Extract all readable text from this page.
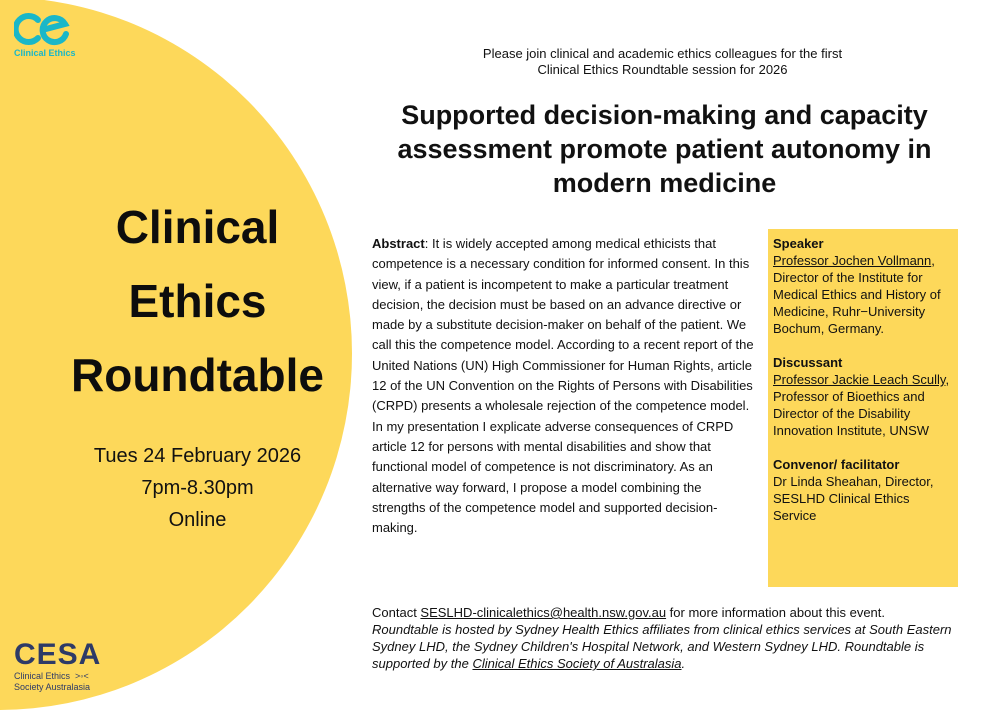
Clinical Ethics
Clinical
Ethics
Roundtable
Tues 24 February 2026
7pm-8.30pm
Online
CESA
Clinical Ethics  >◦<
Society Australasia
Please join clinical and academic ethics colleagues for the first
Clinical Ethics Roundtable session for 2026
Supported decision-making and capacity assessment promote patient autonomy in modern medicine

Abstract: It is widely accepted among medical ethicists that competence is a necessary condition for informed consent. In this view, if a patient is incompetent to make a particular treatment decision, the decision must be based on an advance directive or made by a substitute decision-maker on behalf of the patient. We call this the competence model. According to a recent report of the United Nations (UN) High Commissioner for Human Rights, article 12 of the UN Convention on the Rights of Persons with Disabilities (CRPD) presents a wholesale rejection of the competence model.

In my presentation I explicate adverse consequences of CRPD article 12 for persons with mental disabilities and show that functional model of competence is not discriminatory. As an alternative way forward, I propose a model combining the strengths of the competence model and supported decision-making.

Speaker
Professor Jochen Vollmann, Director of the Institute for Medical Ethics and History of Medicine, Ruhr−University Bochum, Germany.
Discussant
Professor Jackie Leach Scully, Professor of Bioethics and Director of the Disability Innovation Institute, UNSW
Convenor/ facilitator
Dr Linda Sheahan, Director, SESLHD Clinical Ethics Service
Contact SESLHD-clinicalethics@health.nsw.gov.au for more information about this event.
Roundtable is hosted by Sydney Health Ethics affiliates from clinical ethics services at South Eastern Sydney LHD, the Sydney Children's Hospital Network, and Western Sydney LHD. Roundtable is supported by the Clinical Ethics Society of Australasia.
